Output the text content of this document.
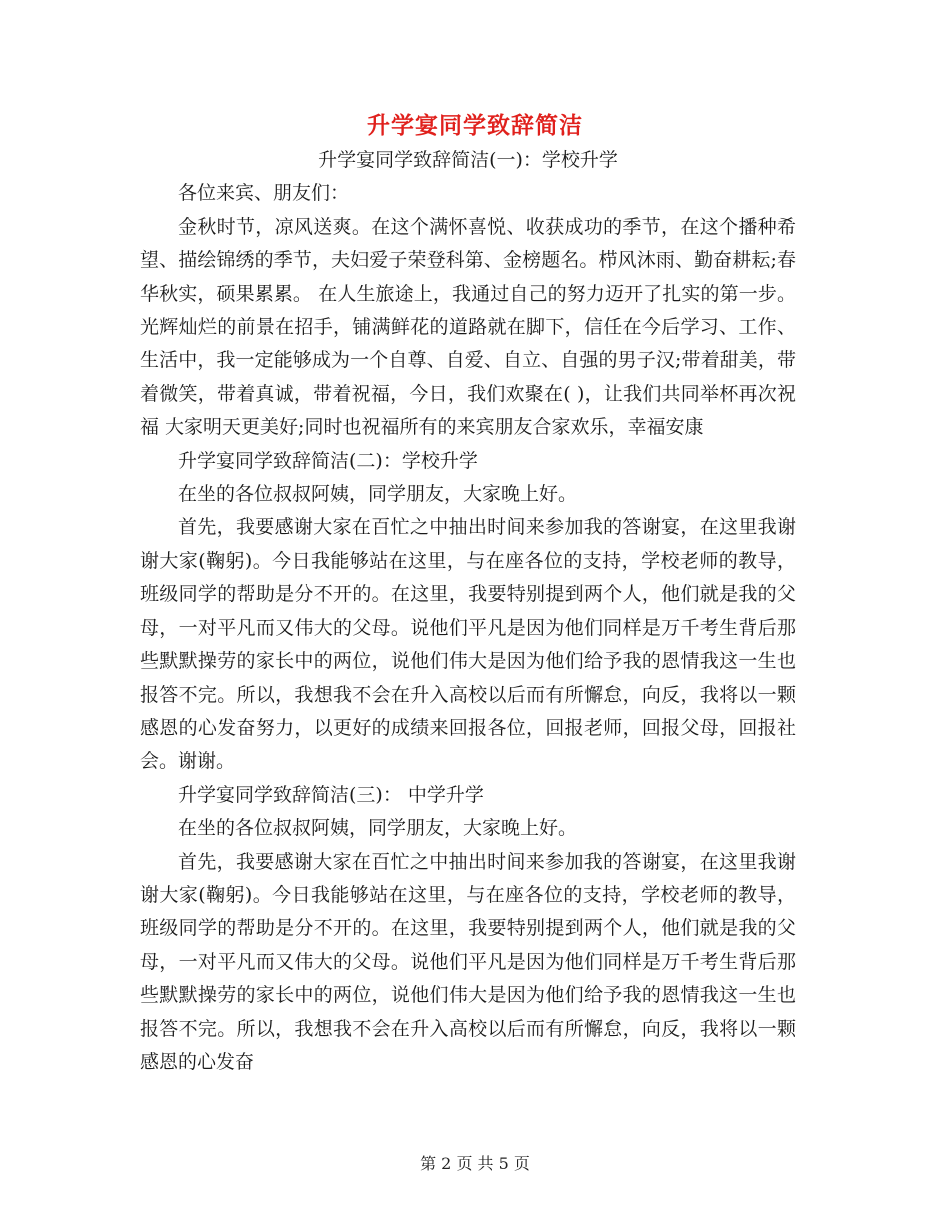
升学宴同学致辞简洁

升学宴同学致辞简洁(一)：学校升学

各位来宾、朋友们：

金秋时节，凉风送爽。在这个满怀喜悦、收获成功的季节，在这个播种希望、描绘锦绣的季节，夫妇爱子荣登科第、金榜题名。栉风沐雨、勤奋耕耘;春华秋实，硕果累累。 在人生旅途上，我通过自己的努力迈开了扎实的第一步。光辉灿烂的前景在招手，铺满鲜花的道路就在脚下，信任在今后学习、工作、生活中，我一定能够成为一个自尊、自爱、自立、自强的男子汉;带着甜美，带着微笑，带着真诚，带着祝福，今日，我们欢聚在( )，让我们共同举杯再次祝福 大家明天更美好;同时也祝福所有的来宾朋友合家欢乐，幸福安康

升学宴同学致辞简洁(二)：学校升学

在坐的各位叔叔阿姨，同学朋友，大家晚上好。

首先，我要感谢大家在百忙之中抽出时间来参加我的答谢宴，在这里我谢谢大家(鞠躬)。今日我能够站在这里，与在座各位的支持，学校老师的教导，班级同学的帮助是分不开的。在这里，我要特别提到两个人，他们就是我的父母，一对平凡而又伟大的父母。说他们平凡是因为他们同样是万千考生背后那些默默操劳的家长中的两位，说他们伟大是因为他们给予我的恩情我这一生也报答不完。所以，我想我不会在升入高校以后而有所懈怠，向反，我将以一颗感恩的心发奋努力，以更好的成绩来回报各位，回报老师，回报父母，回报社会。谢谢。

升学宴同学致辞简洁(三)： 中学升学

在坐的各位叔叔阿姨，同学朋友，大家晚上好。

首先，我要感谢大家在百忙之中抽出时间来参加我的答谢宴，在这里我谢谢大家(鞠躬)。今日我能够站在这里，与在座各位的支持，学校老师的教导，班级同学的帮助是分不开的。在这里，我要特别提到两个人，他们就是我的父母，一对平凡而又伟大的父母。说他们平凡是因为他们同样是万千考生背后那些默默操劳的家长中的两位，说他们伟大是因为他们给予我的恩情我这一生也报答不完。所以，我想我不会在升入高校以后而有所懈怠，向反，我将以一颗感恩的心发奋

第 2 页 共 5 页
